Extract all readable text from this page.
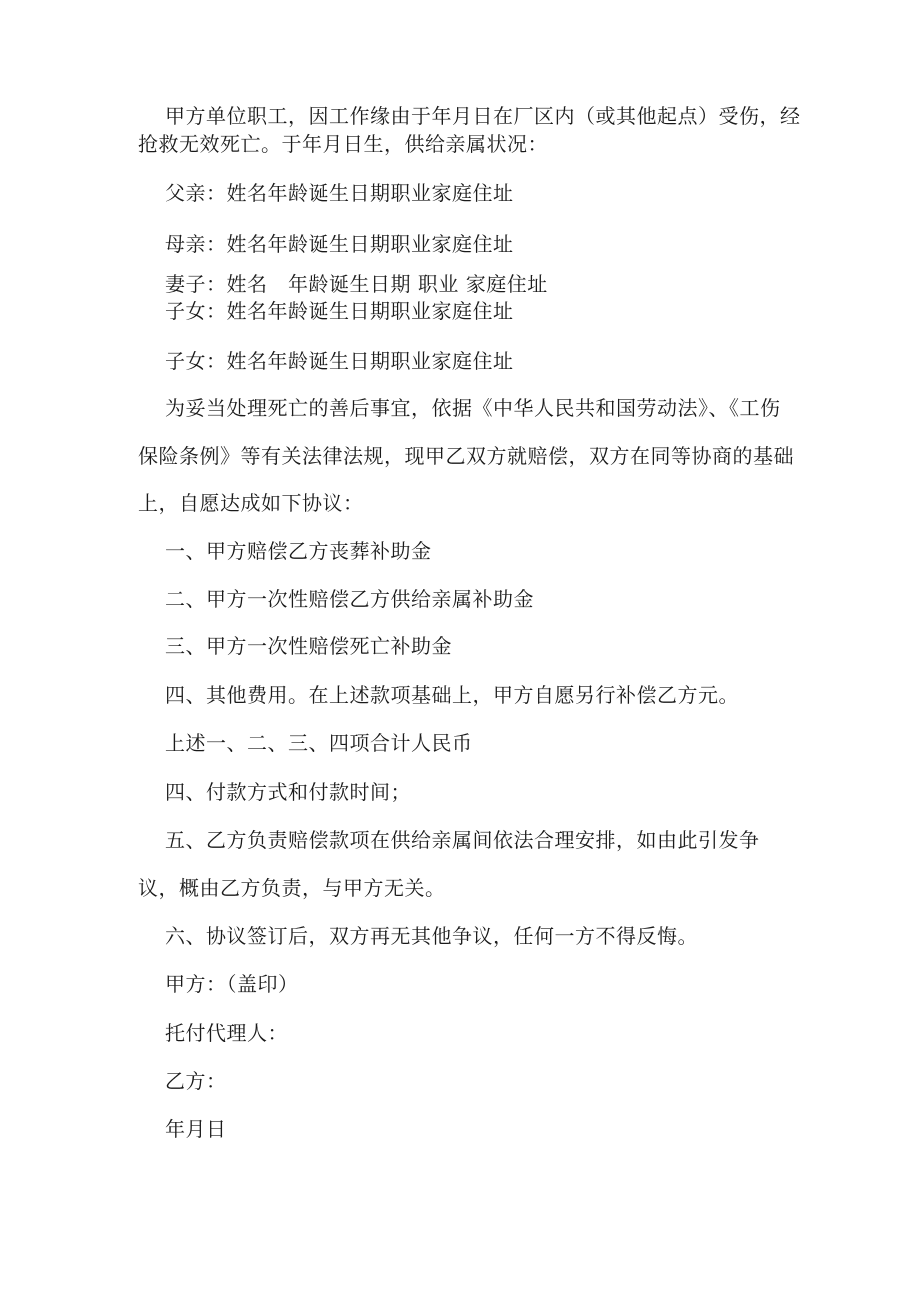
甲方单位职工，因工作缘由于年月日在厂区内（或其他起点）受伤，经
抢救无效死亡。于年月日生，供给亲属状况：
父亲：姓名年龄诞生日期职业家庭住址
母亲：姓名年龄诞生日期职业家庭住址
妻子：姓名　年龄诞生日期 职业 家庭住址
子女：姓名年龄诞生日期职业家庭住址
子女：姓名年龄诞生日期职业家庭住址
为妥当处理死亡的善后事宜，依据《中华人民共和国劳动法》、《工伤
保险条例》等有关法律法规，现甲乙双方就赔偿，双方在同等协商的基础
上，自愿达成如下协议：
一、甲方赔偿乙方丧葬补助金
二、甲方一次性赔偿乙方供给亲属补助金
三、甲方一次性赔偿死亡补助金
四、其他费用。在上述款项基础上，甲方自愿另行补偿乙方元。
上述一、二、三、四项合计人民币
四、付款方式和付款时间；
五、乙方负责赔偿款项在供给亲属间依法合理安排，如由此引发争
议，概由乙方负责，与甲方无关。
六、协议签订后，双方再无其他争议，任何一方不得反悔。
甲方：（盖印）
托付代理人：
乙方：
年月日
